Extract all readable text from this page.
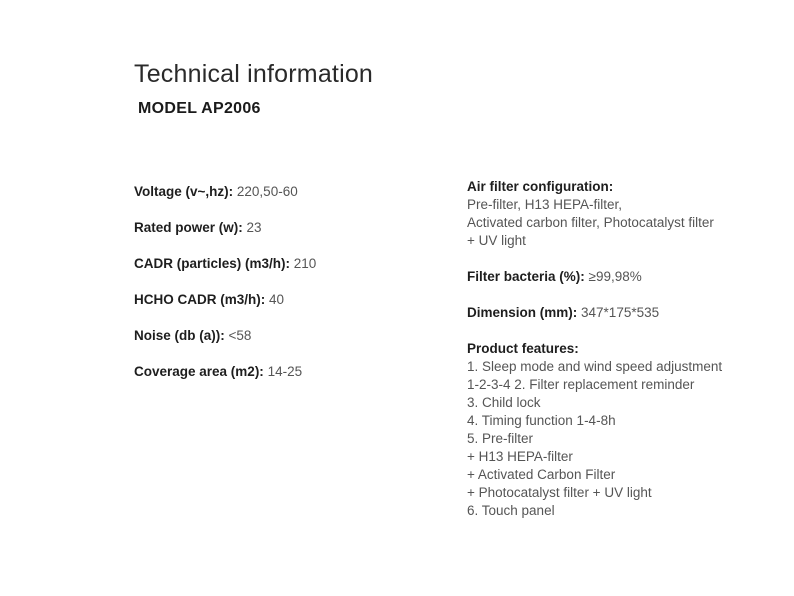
Technical information
MODEL AP2006
Voltage (v~,hz): 220,50-60
Rated power (w): 23
CADR (particles) (m3/h): 210
HCHO CADR (m3/h): 40
Noise (db (a)): <58
Coverage area (m2): 14-25
Air filter configuration:
Pre-filter, H13 HEPA-filter,
Activated carbon filter, Photocatalyst filter
+ UV light
Filter bacteria (%): ≥99,98%
Dimension (mm): 347*175*535
Product features:
1. Sleep mode and wind speed adjustment
1-2-3-4 2. Filter replacement reminder
3. Child lock
4. Timing function 1-4-8h
5. Pre-filter
+ H13 HEPA-filter
+ Activated Carbon Filter
+ Photocatalyst filter + UV light
6. Touch panel
